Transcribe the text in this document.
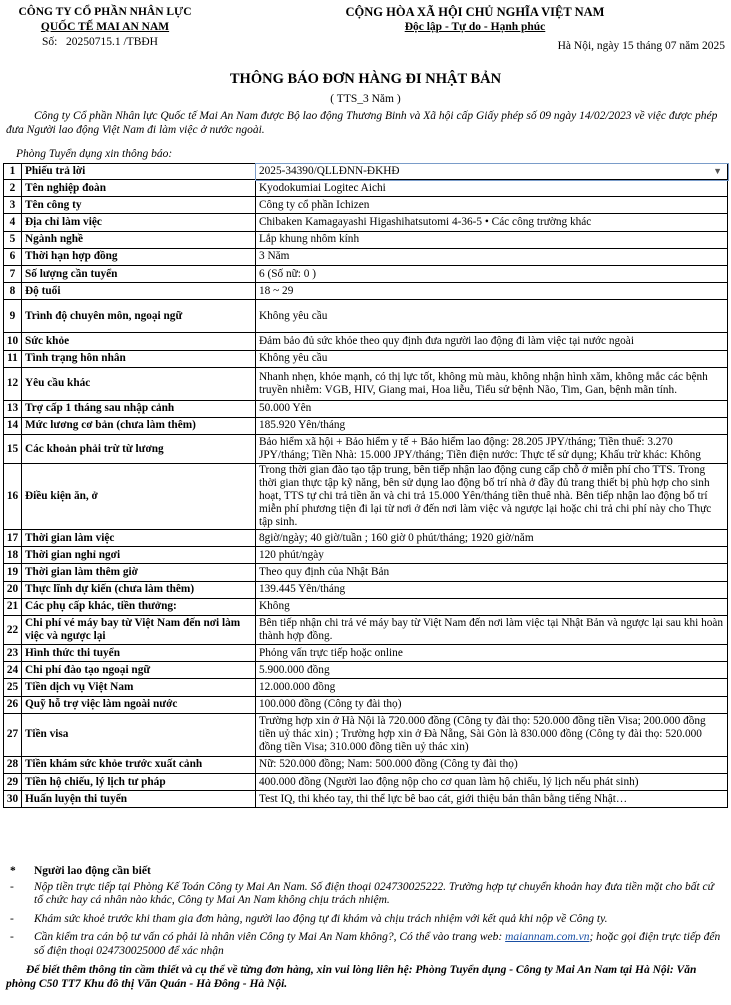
CÔNG TY CỔ PHẦN NHÂN LỰC
QUỐC TẾ MAI AN NAM
Số: 20250715.1 /TBĐH
CỘNG HÒA XÃ HỘI CHỦ NGHĨA VIỆT NAM
Độc lập - Tự do - Hạnh phúc
Hà Nội, ngày 15 tháng 07 năm 2025
THÔNG BÁO ĐƠN HÀNG ĐI NHẬT BẢN
( TTS_3 Năm )
Công ty Cổ phần Nhân lực Quốc tế Mai An Nam được Bộ lao động Thương Binh và Xã hội cấp Giấy phép số 09 ngày 14/02/2023 về việc được phép đưa Người lao động Việt Nam đi làm việc ở nước ngoài.
Phòng Tuyển dụng xin thông báo:
1	Phiếu trả lời	2025-34390/QLLĐNN-ĐKHĐ ▼

2	Tên nghiệp đoàn	Kyodokumiai Logitec Aichi
3	Tên công ty	Công ty cổ phần Ichizen
4	Địa chỉ làm việc	Chibaken Kamagayashi Higashihatsutomi 4-36-5 • Các công trường khác
5	Ngành nghề	Lắp khung nhôm kính
6	Thời hạn hợp đồng	3 Năm
7	Số lượng cần tuyển	6 (Số nữ: 0 )
8	Độ tuổi	18 ~ 29
9	Trình độ chuyên môn, ngoại ngữ	Không yêu cầu
10	Sức khỏe	Đảm bảo đủ sức khỏe theo quy định đưa người lao động đi làm việc tại nước ngoài
11	Tình trạng hôn nhân	Không yêu cầu
12	Yêu cầu khác	Nhanh nhẹn, khỏe mạnh, có thị lực tốt, không mù màu, không nhận hình xăm, không mắc các bệnh truyền nhiễm: VGB, HIV, Giang mai, Hoa liễu, Tiểu sử bệnh Não, Tim, Gan, bệnh mãn tính.
13	Trợ cấp 1 tháng sau nhập cảnh	50.000 Yên
14	Mức lương cơ bản (chưa làm thêm)	185.920 Yên/tháng
15	Các khoản phải trừ từ lương	Bảo hiểm xã hội + Bảo hiểm y tế + Bảo hiểm lao động: 28.205 JPY/tháng; Tiền thuế: 3.270 JPY/tháng; Tiền Nhà: 15.000 JPY/tháng; Tiền điện nước: Thực tế sử dụng; Khấu trừ khác: Không
16	Điều kiện ăn, ở	Trong thời gian đào tạo tập trung, bên tiếp nhận lao động cung cấp chỗ ở miễn phí cho TTS. Trong thời gian thực tập kỹ năng, bên sử dụng lao động bố trí nhà ở đầy đủ trang thiết bị phù hợp cho sinh hoạt, TTS tự chi trả tiền ăn và chi trả 15.000 Yên/tháng tiền thuê nhà. Bên tiếp nhận lao động bố trí miễn phí phương tiện đi lại từ nơi ở đến nơi làm việc và ngược lại hoặc chi trả chi phí này cho Thực tập sinh.
17	Thời gian làm việc	8giờ/ngày; 40 giờ/tuần ; 160 giờ 0 phút/tháng; 1920 giờ/năm
18	Thời gian nghỉ ngơi	120 phút/ngày
19	Thời gian làm thêm giờ	Theo quy định của Nhật Bản
20	Thực lĩnh dự kiến (chưa làm thêm)	139.445 Yên/tháng
21	Các phụ cấp khác, tiền thưởng:	Không
22	Chi phí vé máy bay từ Việt Nam đến nơi làm việc và ngược lại	Bên tiếp nhận chi trả vé máy bay từ Việt Nam đến nơi làm việc tại Nhật Bản và ngược lại sau khi hoàn thành hợp đồng.
23	Hình thức thi tuyển	Phỏng vấn trực tiếp hoặc online
24	Chi phí đào tạo ngoại ngữ	5.900.000 đồng
25	Tiền dịch vụ Việt Nam	12.000.000 đồng
26	Quỹ hỗ trợ việc làm ngoài nước	100.000 đồng (Công ty đài thọ)
27	Tiền visa	Trường hợp xin ở Hà Nội là 720.000 đồng (Công ty đài thọ: 520.000 đồng tiền Visa; 200.000 đồng tiền uỷ thác xin) ; Trường hợp xin ở Đà Nẵng, Sài Gòn là 830.000 đồng (Công ty đài thọ: 520.000 đồng tiền Visa; 310.000 đồng tiền uỷ thác xin)
28	Tiền khám sức khỏe trước xuất cảnh	Nữ: 520.000 đồng; Nam: 500.000 đồng (Công ty đài thọ)
29	Tiền hộ chiếu, lý lịch tư pháp	400.000 đồng (Người lao động nộp cho cơ quan làm hộ chiếu, lý lịch nếu phát sinh)
30	Huấn luyện thi tuyển	Test IQ, thi khéo tay, thi thể lực bê bao cát, giới thiệu bản thân bằng tiếng Nhật…
*	Người lao động cần biết
-	Nộp tiền trực tiếp tại Phòng Kế Toán Công ty Mai An Nam. Số điện thoại 024730025222. Trường hợp tự chuyển khoản hay đưa tiền mặt cho bất cứ tổ chức hay cá nhân nào khác, Công ty Mai An Nam không chịu trách nhiệm.
-	Khám sức khoẻ trước khi tham gia đơn hàng, người lao động tự đi khám và chịu trách nhiệm với kết quả khi nộp về Công ty.
-	Cần kiểm tra cán bộ tư vấn có phải là nhân viên Công ty Mai An Nam không?, Có thể vào trang web: maiannam.com.vn; hoặc gọi điện trực tiếp đến số điện thoại 024730025000 để xác nhận
Để biết thêm thông tin cầm thiết và cụ thể về từng đơn hàng, xin vui lòng liên hệ: Phòng Tuyển dụng - Công ty Mai An Nam tại Hà Nội: Văn phòng C50 TT7 Khu đô thị Văn Quán - Hà Đông - Hà Nội.
